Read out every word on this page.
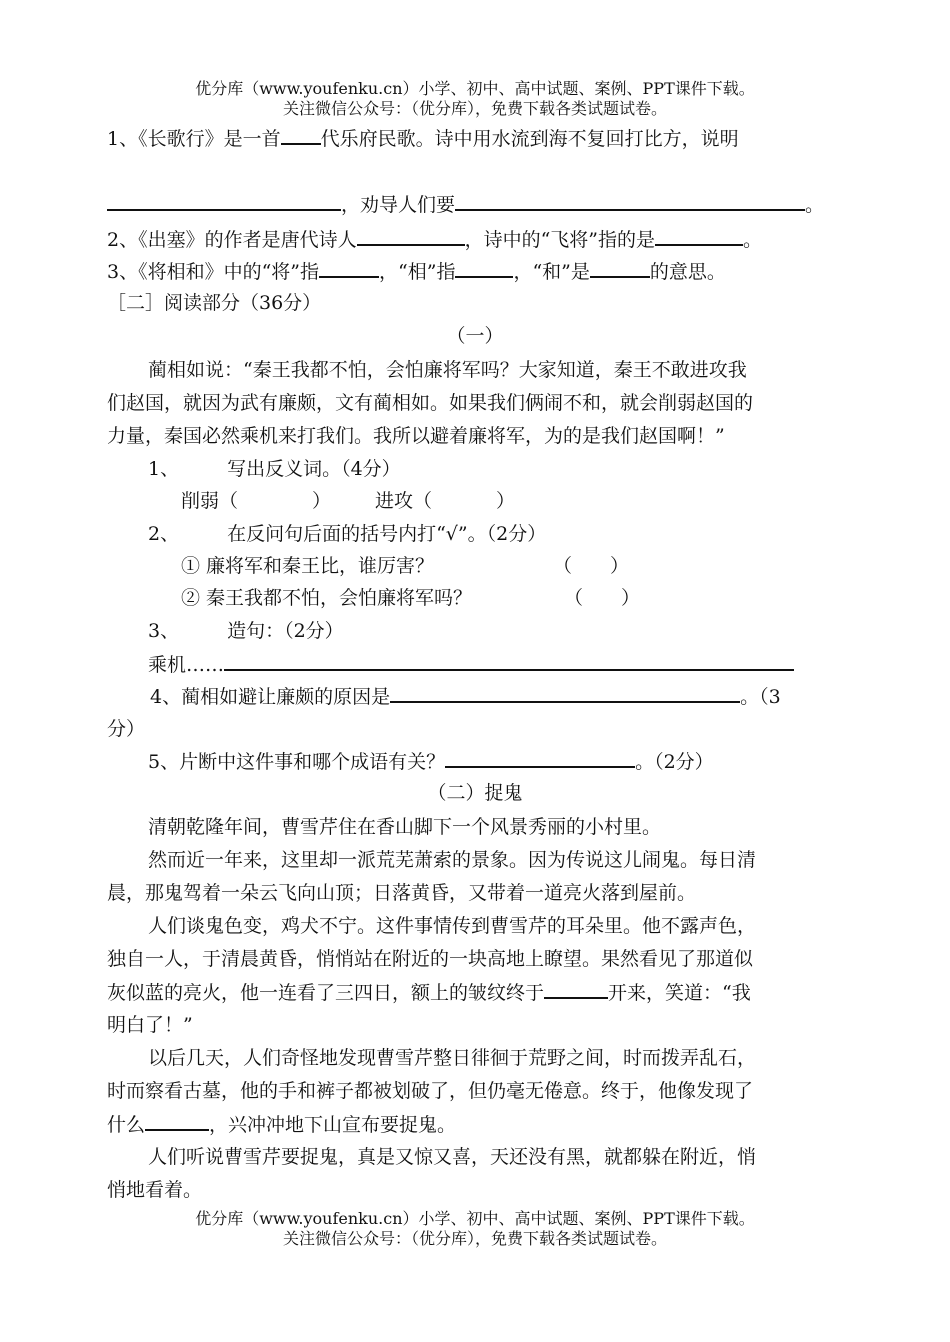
优分库（www.youfenku.cn）小学、初中、高中试题、案例、PPT课件下载。
关注微信公众号：（优分库），免费下载各类试题试卷。
1、《长歌行》是一首 代乐府民歌。诗中用水流到海不复回打比方，说明
，劝导人们要	。
2、《出塞》的作者是唐代诗人	，诗中的“飞将”指的是	。
3、《将相和》中的“将”指	，“相”指	，“和”是	的意思。
［二］阅读部分（36分）
（一）
蔺相如说：“秦王我都不怕，会怕廉将军吗？大家知道，秦王不敢进攻我
们赵国，就因为武有廉颇，文有蔺相如。如果我们俩闹不和，就会削弱赵国的
力量，秦国必然乘机来打我们。我所以避着廉将军，为的是我们赵国啊！”
1、	写出反义词。（4分）
削弱（	） 进攻（	）
2、	在反问句后面的括号内打“√”。（2分）
① 廉将军和秦王比，谁厉害？	（　　）
② 秦王我都不怕，会怕廉将军吗？	（　　）
3、	造句：（2分）
乘机……
4、蔺相如避让廉颇的原因是	。（3
分）
5、片断中这件事和哪个成语有关？	。（2分）
（二）捉鬼
清朝乾隆年间，曹雪芹住在香山脚下一个风景秀丽的小村里。
然而近一年来，这里却一派荒芜萧索的景象。因为传说这儿闹鬼。每日清
晨，那鬼驾着一朵云飞向山顶；日落黄昏，又带着一道亮火落到屋前。
人们谈鬼色变，鸡犬不宁。这件事情传到曹雪芹的耳朵里。他不露声色，
独自一人，于清晨黄昏，悄悄站在附近的一块高地上瞭望。果然看见了那道似
灰似蓝的亮火，他一连看了三四日，额上的皱纹终于	开来，笑道：“我
明白了！”
以后几天，人们奇怪地发现曹雪芹整日徘徊于荒野之间，时而拨弄乱石，
时而察看古墓，他的手和裤子都被划破了，但仍毫无倦意。终于，他像发现了
什么	，兴冲冲地下山宣布要捉鬼。
人们听说曹雪芹要捉鬼，真是又惊又喜，天还没有黑，就都躲在附近，悄
悄地看着。
优分库（www.youfenku.cn）小学、初中、高中试题、案例、PPT课件下载。
关注微信公众号：（优分库），免费下载各类试题试卷。
